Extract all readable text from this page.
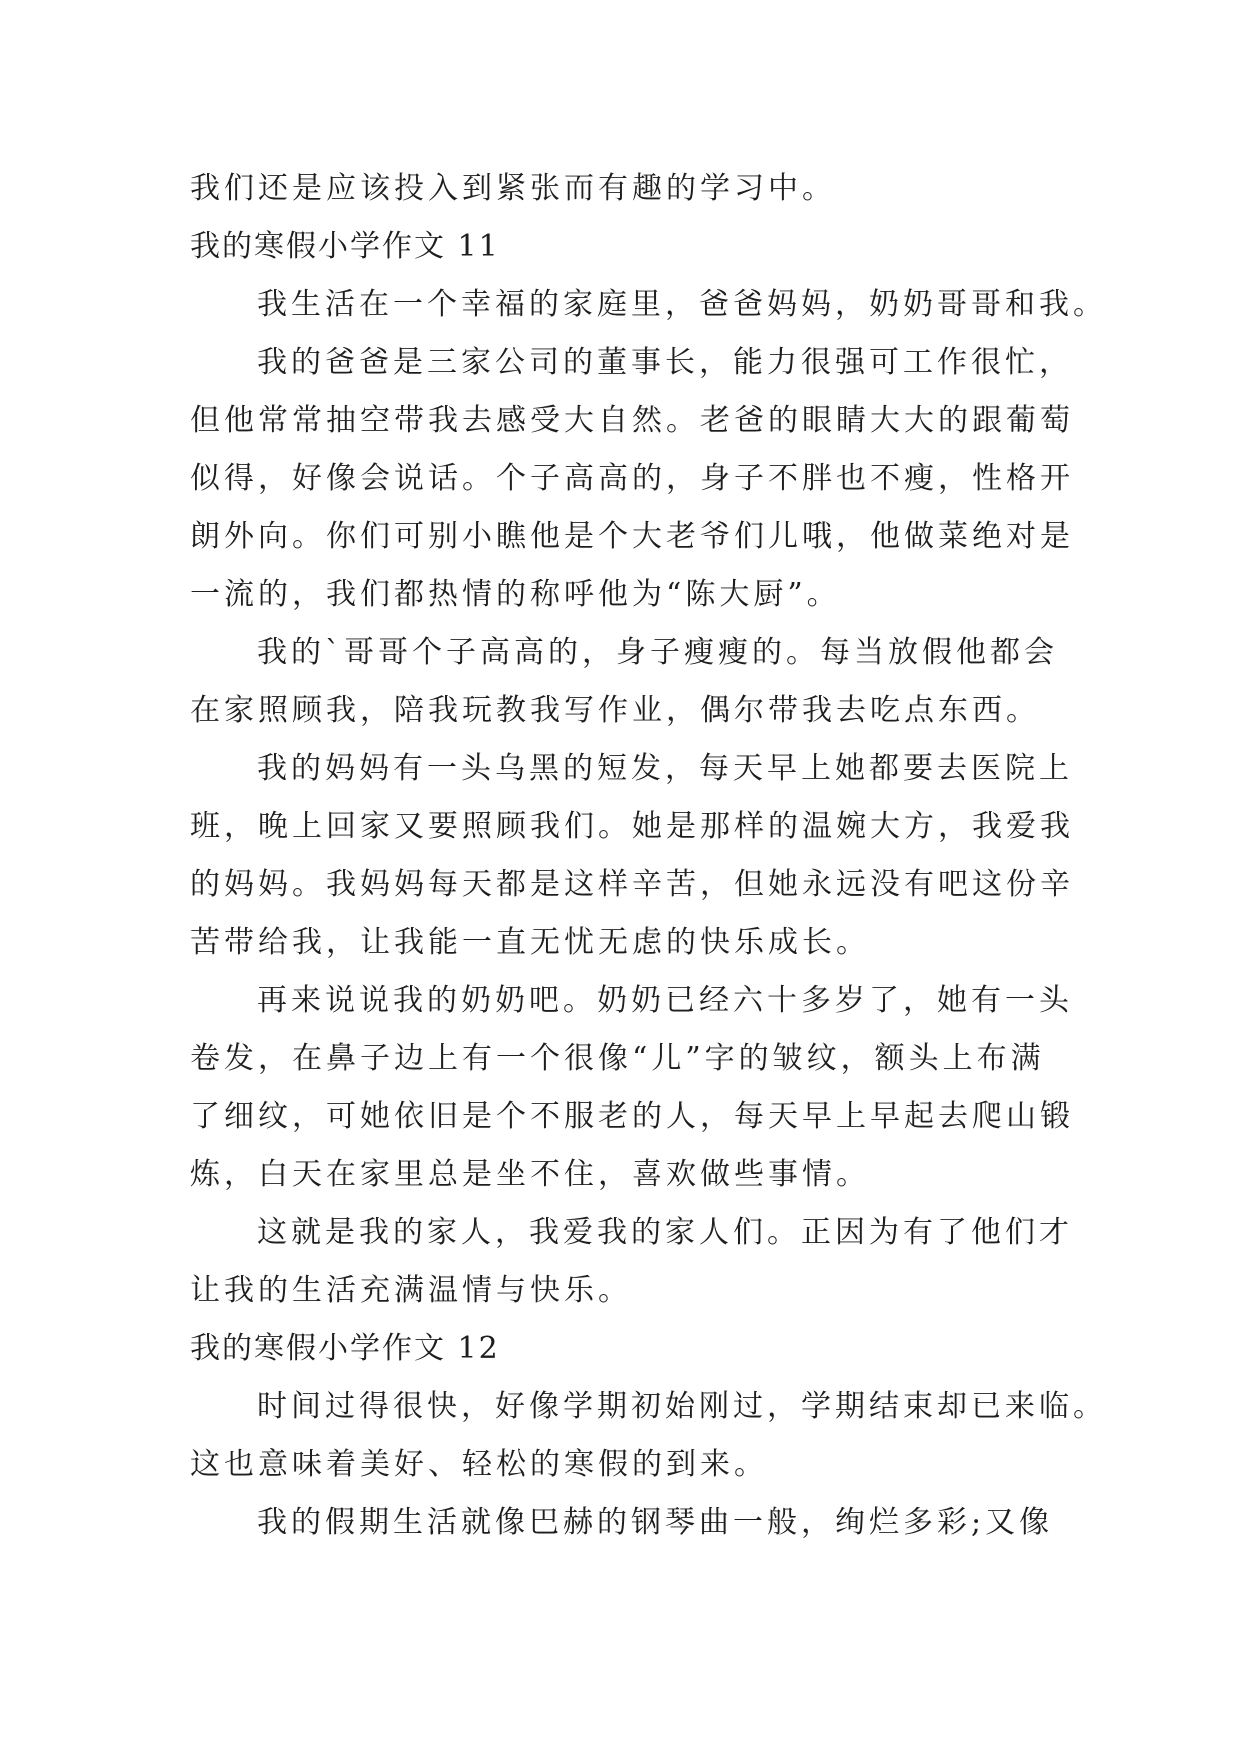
我们还是应该投入到紧张而有趣的学习中。

我的寒假小学作文 11

我生活在一个幸福的家庭里，爸爸妈妈，奶奶哥哥和我。

我的爸爸是三家公司的董事长，能力很强可工作很忙，

但他常常抽空带我去感受大自然。老爸的眼睛大大的跟葡萄

似得，好像会说话。个子高高的，身子不胖也不瘦，性格开

朗外向。你们可别小瞧他是个大老爷们儿哦，他做菜绝对是

一流的，我们都热情的称呼他为“陈大厨”。

我的`哥哥个子高高的，身子瘦瘦的。每当放假他都会

在家照顾我，陪我玩教我写作业，偶尔带我去吃点东西。

我的妈妈有一头乌黑的短发，每天早上她都要去医院上

班，晚上回家又要照顾我们。她是那样的温婉大方，我爱我

的妈妈。我妈妈每天都是这样辛苦，但她永远没有吧这份辛

苦带给我，让我能一直无忧无虑的快乐成长。

再来说说我的奶奶吧。奶奶已经六十多岁了，她有一头

卷发，在鼻子边上有一个很像“儿”字的皱纹，额头上布满

了细纹，可她依旧是个不服老的人，每天早上早起去爬山锻

炼，白天在家里总是坐不住，喜欢做些事情。

这就是我的家人，我爱我的家人们。正因为有了他们才

让我的生活充满温情与快乐。

我的寒假小学作文 12

时间过得很快，好像学期初始刚过，学期结束却已来临。

这也意味着美好、轻松的寒假的到来。

我的假期生活就像巴赫的钢琴曲一般，绚烂多彩;又像
